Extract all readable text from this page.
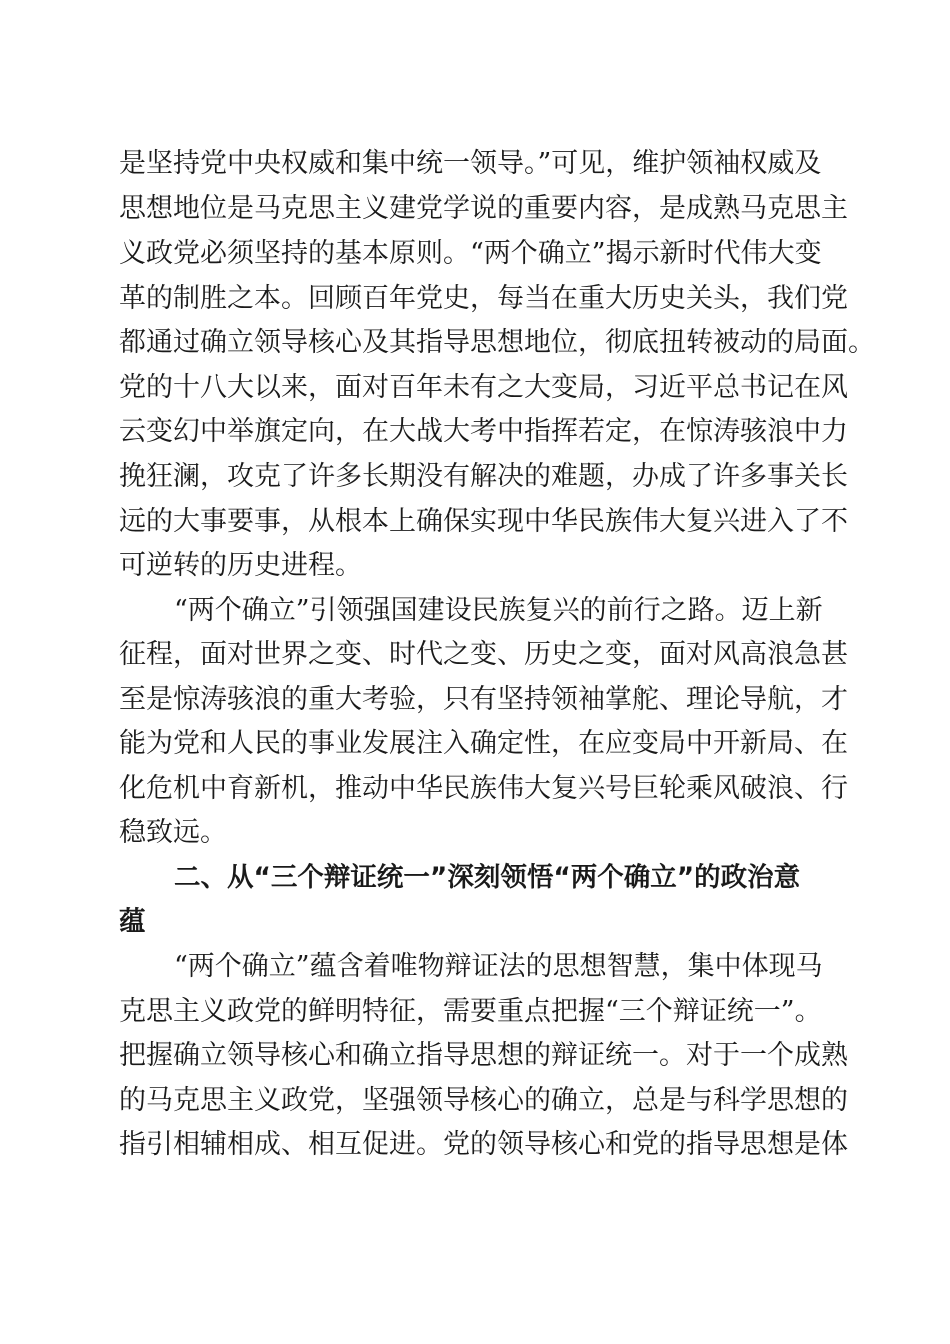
是坚持党中央权威和集中统一领导。”可见，维护领袖权威及
思想地位是马克思主义建党学说的重要内容，是成熟马克思主
义政党必须坚持的基本原则。“两个确立”揭示新时代伟大变
革的制胜之本。回顾百年党史，每当在重大历史关头，我们党
都通过确立领导核心及其指导思想地位，彻底扭转被动的局面。
党的十八大以来，面对百年未有之大变局，习近平总书记在风
云变幻中举旗定向，在大战大考中指挥若定，在惊涛骇浪中力
挽狂澜，攻克了许多长期没有解决的难题，办成了许多事关长
远的大事要事，从根本上确保实现中华民族伟大复兴进入了不
可逆转的历史进程。
“两个确立”引领强国建设民族复兴的前行之路。迈上新
征程，面对世界之变、时代之变、历史之变，面对风高浪急甚
至是惊涛骇浪的重大考验，只有坚持领袖掌舵、理论导航，才
能为党和人民的事业发展注入确定性，在应变局中开新局、在
化危机中育新机，推动中华民族伟大复兴号巨轮乘风破浪、行
稳致远。
二、从“三个辩证统一”深刻领悟“两个确立”的政治意
蕴
“两个确立”蕴含着唯物辩证法的思想智慧，集中体现马
克思主义政党的鲜明特征，需要重点把握“三个辩证统一”。
把握确立领导核心和确立指导思想的辩证统一。对于一个成熟
的马克思主义政党，坚强领导核心的确立，总是与科学思想的
指引相辅相成、相互促进。党的领导核心和党的指导思想是体
